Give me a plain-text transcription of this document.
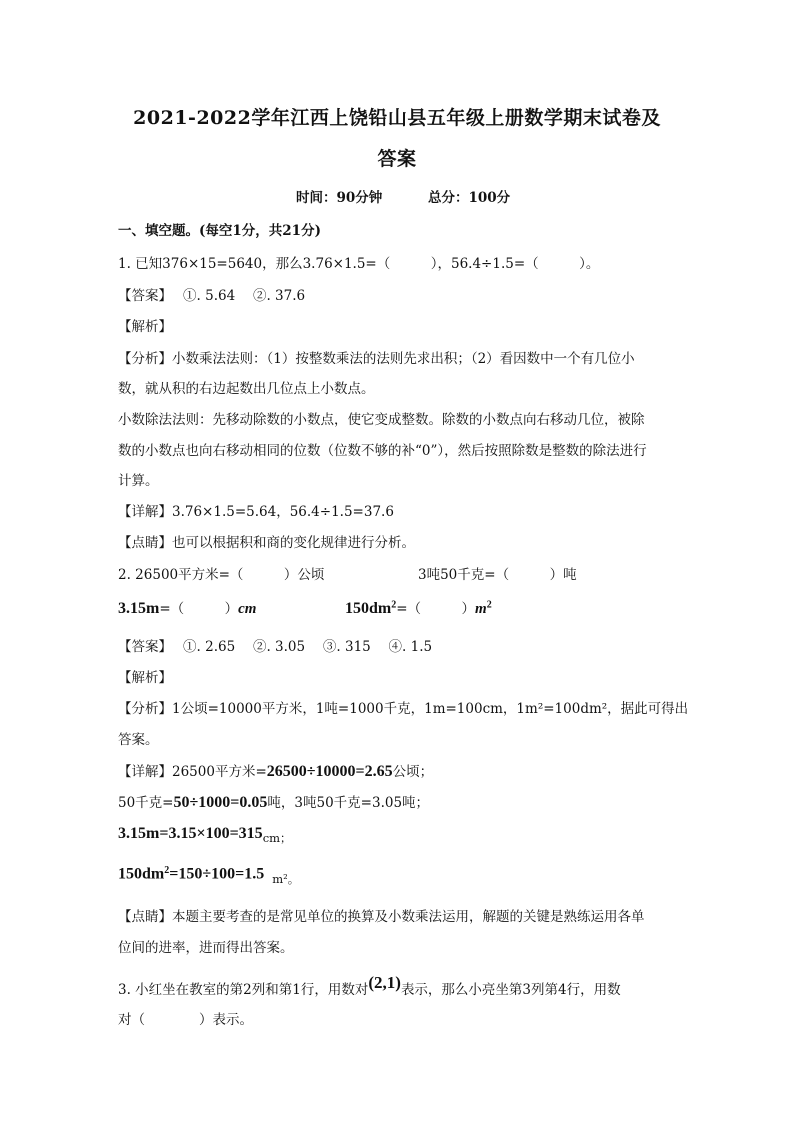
2021-2022学年江西上饶铅山县五年级上册数学期末试卷及
答案
时间：90分钟	总分：100分
一、填空题。(每空1分，共21分)
1. 已知376×15=5640，那么3.76×1.5=（　　　），56.4÷1.5=（　　　）。
【答案】　 ①. 5.64　 ②. 37.6
【解析】
【分析】小数乘法法则：（1）按整数乘法的法则先求出积；（2）看因数中一个有几位小
数，就从积的右边起数出几位点上小数点。
小数除法法则：先移动除数的小数点，使它变成整数。除数的小数点向右移动几位，被除
数的小数点也向右移动相同的位数（位数不够的补“0”），然后按照除数是整数的除法进行
计算。
【详解】3.76×1.5=5.64，56.4÷1.5=37.6
【点睛】也可以根据积和商的变化规律进行分析。
2. 26500平方米=（　　　）公顷	3吨50千克=（　　　）吨
3.15m=（　　　）cm	$150dm^2=$（　　　）$m^2$
【答案】　 ①. 2.65　 ②. 3.05　 ③. 315　 ④. 1.5
【解析】
【分析】1公顷=10000平方米，1吨=1000千克，1m=100cm，1m²=100dm²，据此可得出
答案。
【详解】26500平方米=26500÷10000=2.65公顷；
50千克=50÷1000=0.05吨，3吨50千克=3.05吨；
3.15m=3.15×100=315cm；
$150dm^2=150\div 100=1.5$ m²。
【点睛】本题主要考查的是常见单位的换算及小数乘法运用，解题的关键是熟练运用各单
位间的进率，进而得出答案。
3. 小红坐在教室的第2列和第1行，用数对(2,1)表示，那么小亮坐第3列第4行，用数
对（　　　　）表示。
